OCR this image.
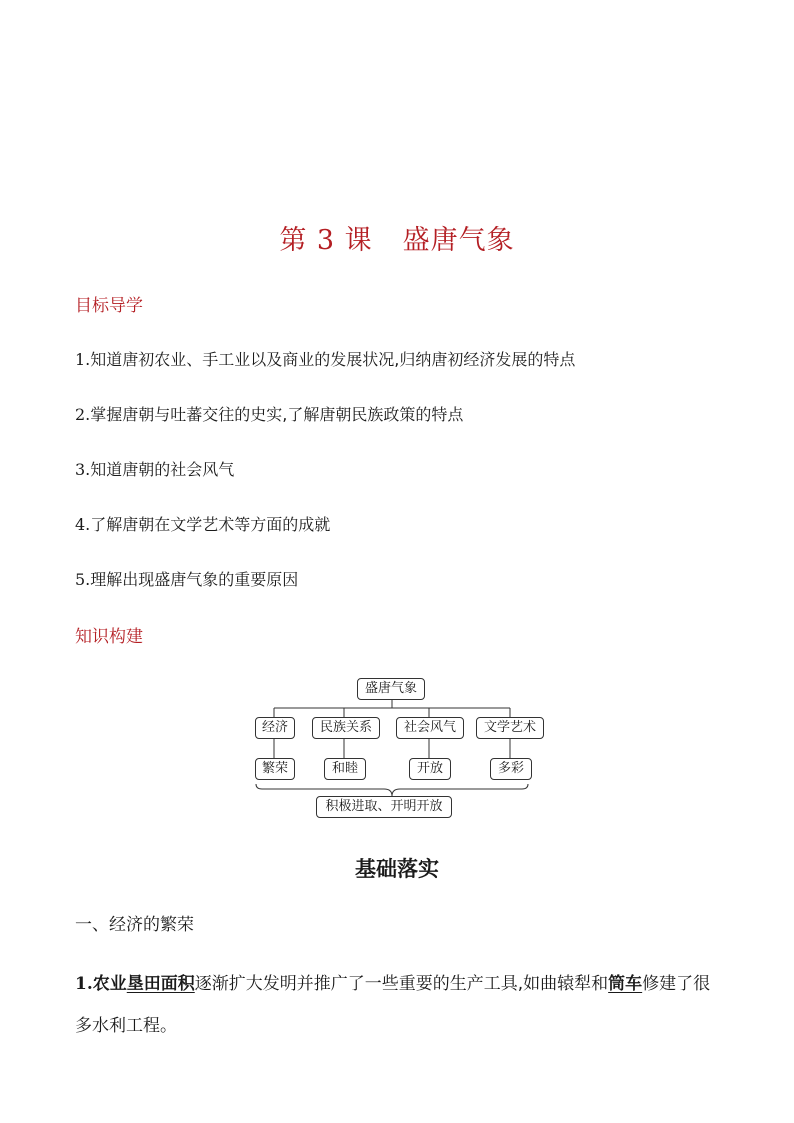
第 3 课 盛唐气象
目标导学
1.知道唐初农业、手工业以及商业的发展状况,归纳唐初经济发展的特点
2.掌握唐朝与吐蕃交往的史实,了解唐朝民族政策的特点
3.知道唐朝的社会风气
4.了解唐朝在文学艺术等方面的成就
5.理解出现盛唐气象的重要原因
知识构建
盛唐气象
经济	民族关系	社会风气	文学艺术
繁荣	和睦	开放	多彩
积极进取、开明开放
基础落实
一、经济的繁荣
1.农业垦田面积逐渐扩大发明并推广了一些重要的生产工具,如曲辕犁和筒车修建了很多水利工程。
